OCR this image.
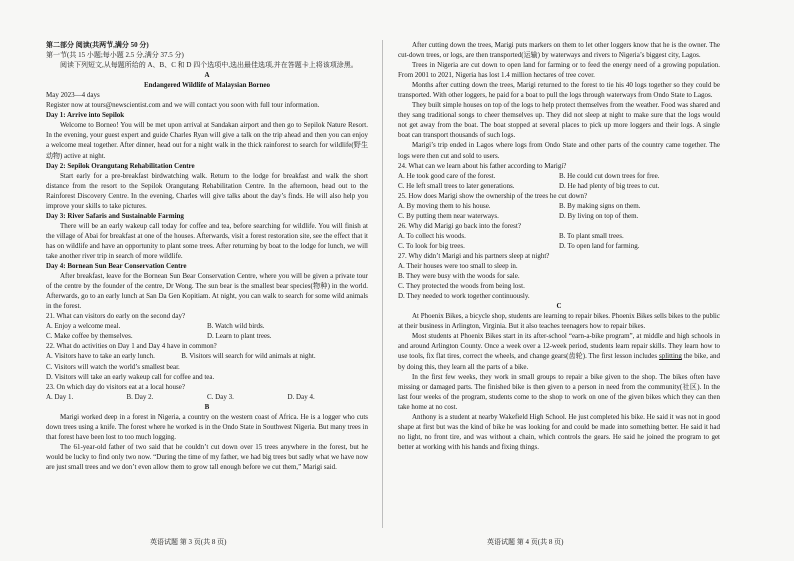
第二部分 阅读(共两节,满分 50 分)

第一节(共 15 小题;每小题 2.5 分,满分 37.5 分)

阅读下列短文,从每题所给的 A、B、C 和 D 四个选项中,选出最佳选项,并在答题卡上将该项涂黑。

A

Endangered Wildlife of Malaysian Borneo

May 2023—4 days

Register now at tours@newscientist.com and we will contact you soon with full tour information.

Day 1: Arrive into Sepilok

Welcome to Borneo! You will be met upon arrival at Sandakan airport and then go to Sepilok Nature Resort. In the evening, your guest expert and guide Charles Ryan will give a talk on the trip ahead and then you can enjoy a welcome meal together. After dinner, head out for a night walk in the thick rainforest to search for wildlife(野生动物) active at night.

Day 2: Sepilok Orangutang Rehabilitation Centre

Start early for a pre-breakfast birdwatching walk. Return to the lodge for breakfast and walk the short distance from the resort to the Sepilok Orangutang Rehabilitation Centre. In the afternoon, head out to the Rainforest Discovery Centre. In the evening, Charles will give talks about the day’s finds. He will also help you improve your skills to take pictures.

Day 3: River Safaris and Sustainable Farming

There will be an early wakeup call today for coffee and tea, before searching for wildlife. You will finish at the village of Abai for breakfast at one of the houses. Afterwards, visit a forest restoration site, see the effect that it has on wildlife and have an opportunity to plant some trees. After returning by boat to the lodge for lunch, we will take another river trip in search of more wildlife.

Day 4: Bornean Sun Bear Conservation Centre

After breakfast, leave for the Bornean Sun Bear Conservation Centre, where you will be given a private tour of the centre by the founder of the centre, Dr Wong. The sun bear is the smallest bear species(物种) in the world. Afterwards, go to an early lunch at San Da Gen Kopitiam. At night, you can walk to search for some wild animals in the forest.

21. What can visitors do early on the second day?

A. Enjoy a welcome meal.	B. Watch wild birds.
C. Make coffee by themselves.	D. Learn to plant trees.

22. What do activities on Day 1 and Day 4 have in common?

A. Visitors have to take an early lunch.	B. Visitors will search for wild animals at night.

C. Visitors will watch the world’s smallest bear.

D. Visitors will take an early wakeup call for coffee and tea.

23. On which day do visitors eat at a local house?

A. Day 1.	B. Day 2.	C. Day 3.	D. Day 4.

B

Marigi worked deep in a forest in Nigeria, a country on the western coast of Africa. He is a logger who cuts down trees using a knife. The forest where he worked is in the Ondo State in Southwest Nigeria. But many trees in that forest have been lost to too much logging.

The 61-year-old father of two said that he couldn’t cut down over 15 trees anywhere in the forest, but he would be lucky to find only two now. “During the time of my father, we had big trees but sadly what we have now are just small trees and we don’t even allow them to grow tall enough before we cut them,” Marigi said.

After cutting down the trees, Marigi puts markers on them to let other loggers know that he is the owner. The cut-down trees, or logs, are then transported(运输) by waterways and rivers to Nigeria’s biggest city, Lagos.

Trees in Nigeria are cut down to open land for farming or to feed the energy need of a growing population. From 2001 to 2021, Nigeria has lost 1.4 million hectares of tree cover.

Months after cutting down the trees, Marigi returned to the forest to tie his 40 logs together so they could be transported. With other loggers, he paid for a boat to pull the logs through waterways from Ondo State to Lagos.

They built simple houses on top of the logs to help protect themselves from the weather. Food was shared and they sang traditional songs to cheer themselves up. They did not sleep at night to make sure that the logs would not get away from the boat. The boat stopped at several places to pick up more loggers and their logs. A single boat can transport thousands of such logs.

Marigi’s trip ended in Lagos where logs from Ondo State and other parts of the country came together. The logs were then cut and sold to users.

24. What can we learn about his father according to Marigi?

A. He took good care of the forest.	B. He could cut down trees for free.
C. He left small trees to later generations.	D. He had plenty of big trees to cut.

25. How does Marigi show the ownership of the trees he cut down?

A. By moving them to his house.	B. By making signs on them.
C. By putting them near waterways.	D. By living on top of them.

26. Why did Marigi go back into the forest?

A. To collect his woods.	B. To plant small trees.
C. To look for big trees.	D. To open land for farming.

27. Why didn’t Marigi and his partners sleep at night?

A. Their houses were too small to sleep in.

B. They were busy with the woods for sale.

C. They protected the woods from being lost.

D. They needed to work together continuously.

C

At Phoenix Bikes, a bicycle shop, students are learning to repair bikes. Phoenix Bikes sells bikes to the public at their business in Arlington, Virginia. But it also teaches teenagers how to repair bikes.

Most students at Phoenix Bikes start in its after-school “earn-a-bike program”, at middle and high schools in and around Arlington County. Once a week over a 12-week period, students learn repair skills. They learn how to use tools, fix flat tires, correct the wheels, and change gears(齿轮). The first lesson includes splitting the bike, and by doing this, they learn all the parts of a bike.

In the first few weeks, they work in small groups to repair a bike given to the shop. The bikes often have missing or damaged parts. The finished bike is then given to a person in need from the community(社区). In the last four weeks of the program, students come to the shop to work on one of the given bikes which they can then take home at no cost.

Anthony is a student at nearby Wakefield High School. He just completed his bike. He said it was not in good shape at first but was the kind of bike he was looking for and could be made into something better. He said it had no light, no front tire, and was without a chain, which controls the gears. He said he joined the program to get better at working with his hands and fixing things.

英语试题 第 3 页(共 8 页)	英语试题 第 4 页(共 8 页)
